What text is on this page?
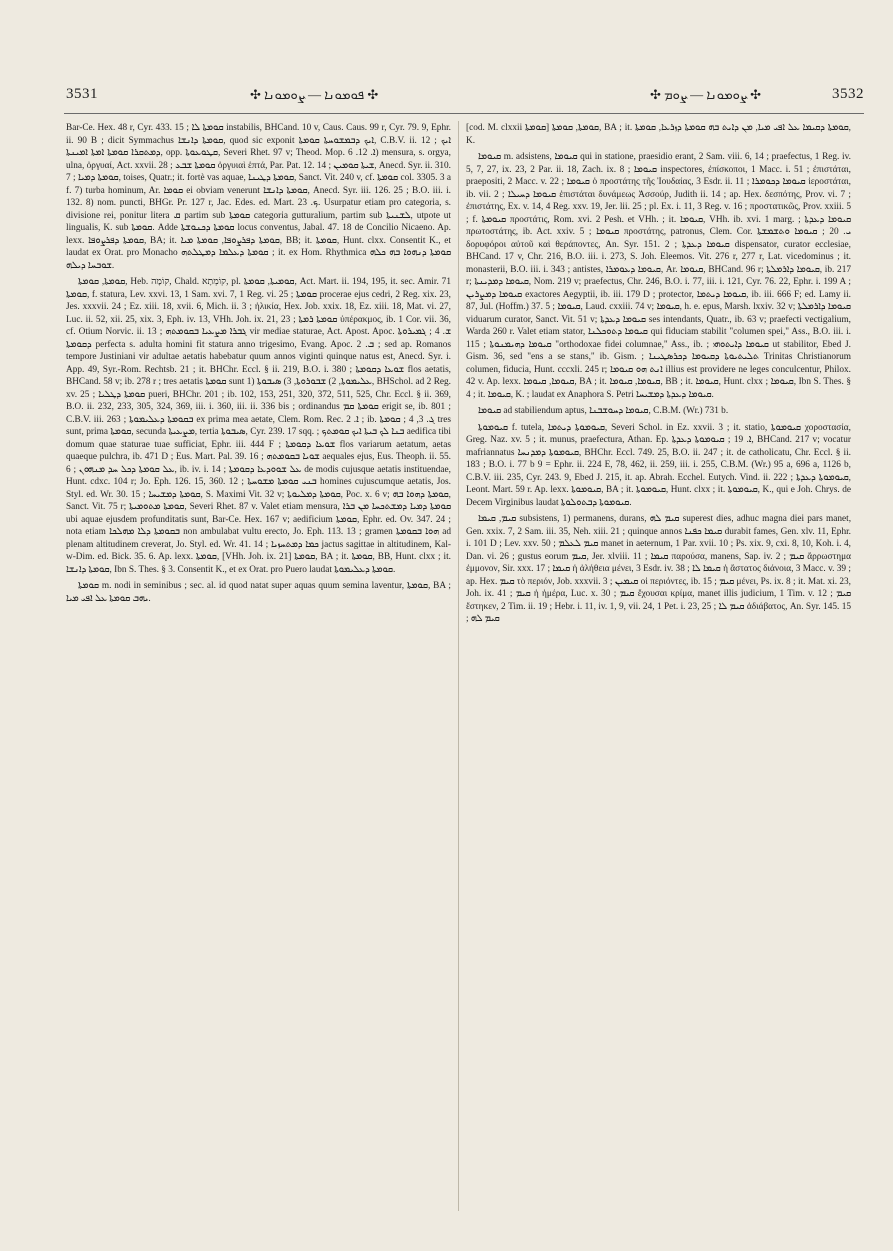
3531	✣ ܦܘܡܘܢܐ — ܨܘܡܘܢܐ ✣	✣ ܨܘܡܘܢܐ — ܨܘܡ ✣	3532

Bar-Ce. Hex. 48 r, Cyr. 433. 15 ; ܩܘܡܬܐ ܠܐ instabilis, BHCand. 10 v, Caus. Caus. 99 r, Cyr. 79. 9, Ephr. ii. 90 B ; dicit Symmachus ܩܘܡܬܐ ܕܐܢܫܐ, quod sic exponit ܐܝܟ ܕܒܡܫܘܚܬܐ ܩܘܡܬܐ, C.B.V. ii. 12 ; ܐܝܟ ܕܡܬܩܪܐ ܩܘܡܬܐ ܐܡܬܐ ܐܡܝܢܬܐ, opp. ܩܛܘܥܘܬܐ, Severi Rhet. 97 v; Theod. Mop. ܐ. 12. 6) mensura, s. orgya, ulna, ὀργυαί, Act. xxvii. 28 ; ܩܘܡܬܐ ܫܒܥ ὀργυιαὶ ἑπτά, Par. Pat. 12. 14 ; ܫܝܬܐ ܩܘܡܝܢ, Anecd. Syr. ii. 310. 7 ; ܩܘܡܬܐ ܕܡܝܐ, toises, Quatr.; it. fortè vas aquae, ܩܘܡܬܐ ܕܛܝܢܐ, Sanct. Vit. 240 v, cf. ܩܘܡܬܐ col. 3305. 3 a f. 7) turba hominum, Ar. ܩܘܡܐ ei obviam venerunt ܩܘܡܬܐ ܕܐܢܫܐ, Anecd. Syr. iii. 126. 25 ; B.O. iii. i. 132. 8) nom. puncti, BHGr. Pr. 127 r, Jac. Edes. ed. Mart. ܟ. 23. Usurpatur etiam pro categoria, s. divisione rei, ponitur litera ܩ partim sub ܩܘܡܬܐ categoria gutturalium, partim sub ܠܫܢܝܬܐ, utpote ut lingualis, K. sub ܩܘܡܬܐ. Adde ܩܘܡܬܐ ܕܟܢܘܫܬܐ locus conventus, Jabal. 47. 18 de Concilio Nicaeno. Ap. lexx. ܩܘܡܬܐ ܕܦܪܨܘܦܐ, BA; it. ܩܘܡܬܐ ܕܦܪܨܘܦܐ, ܩܘܡܬܐ ܡܝܐ, BB; it. ܩܘܡܬܐ, Hunt. clxx. Consentit K., et laudat ex Orat. pro Monacho ܩܘܡܬܐ ܕܥܠܡܐ ܕܡܛܠܬܗ ; it. ex Hom. Rhythmica ܩܘܡܬܐ ܕܢܗܘܐ ܒܗ ܟܠܗ ܫܘܒܚܐ ܕܝܠܗ.

ܩܘܡܬܐ, ܩܘܡܬܐ, Heb. קוֹמָה, Chald. קוֹמְתָא, pl. ܩܘܡܝܬܐ, ܩܘܡܬܐ, Act. Mart. ii. 194, 195, it. sec. Amir. 71 ܩܘܡܬܐ, f. statura, Lev. xxvi. 13, 1 Sam. xvi. 7, 1 Reg. vi. 25 ; ܩܘܡܬܐ procerae ejus cedri, 2 Reg. xix. 23, Jes. xxxvii. 24 ; Ez. xiii. 18, xvii. 6, Mich. ii. 3 ; ἡλικία, Hex. Job. xxix. 18, Ez. xiii. 18, Mat. vi. 27, Luc. ii. 52, xii. 25, xix. 3, Eph. iv. 13, VHh. Joh. ix. 21, 23 ; ܩܘܡܬܐ ܪܡܬܐ ὑπέρακμος, ib. 1 Cor. vii. 36, cf. Otium Norvic. ii. 13 ; ܓܒܪܐ ܡܨܥܝܐ ܒܩܘܡܬܗ vir mediae staturae, Act. Apost. Apoc. ܫ. 4 ; ܓܡܝܪܘܬܐ ܕܩܘܡܬܐ perfecta s. adulta homini fit statura anno trigesimo, Evang. Apoc. ܒ. 2 ; sed ap. Romanos tempore Justiniani vir adultae aetatis habebatur quum annos viginti quinque natus est, Anecd. Syr. i. App. 49, Syr.-Rom. Rechtsb. 21 ; it. BHChr. Eccl. § ii. 219, B.O. i. 380 ; ܫܘܥܐ ܕܩܘܡܬܐ flos aetatis, BHCand. 58 v; ib. 278 r ; tres aetatis ܩܘܡܬܐ sunt 1) ܥܠܝܡܘܬܐ, 2) ܫܒܘܪܘܬܐ, 3) ܣܝܒܘܬܐ, BHSchol. ad 2 Reg. xv. 25 ; ܩܘܡܬܐ ܕܛܠܝܐ pueri, BHChr. 201 ; ib. 102, 153, 251, 320, 372, 511, 525, Chr. Eccl. § ii. 369, B.O. ii. 232, 233, 305, 324, 369, iii. i. 360, iii. ii. 336 bis ; ordinandus ܩܘܡܬܐ ܩܡ erigit se, ib. 801 ; C.B.V. iii. 263 ; ܒܩܘܡܬܐ ܕܥܠܝܡܘܬܐ ex prima mea aetate, Clem. Rom. Rec. ܐ. 2 ; ib. ܓ. 3, 4 ; ܩܘܡܬܐ tres sunt, prima ܩܘܡܬܐ, secunda ܡܨܥܝܬܐ, tertia ܣܝܒܘܬܐ, Cyr. 239. 17 sqq. ; ܒܢܐ ܠܟ ܒܝܬܐ ܐܝܟ ܩܘܡܬܟ aedifica tibi domum quae staturae tuae sufficiat, Ephr. iii. 444 F ; ܫܘܥܐ ܕܩܘܡܬܐ flos variarum aetatum, aetas quaeque pulchra, ib. 471 D ; Eus. Mart. Pal. 39. 16 ; ܫܘܝܐ ܒܩܘܡܬܗ aequales ejus, Eus. Theoph. ii. 55. 6 ; ܥܠ ܩܘܡܬܐ ܕܟܠ ܚܕ ܡܢܗܘܢ, ib. iv. i. 14 ; ܥܠ ܫܘܘܕܥܐ ܕܩܘܡܬܐ de modis cujusque aetatis instituendae, Hunt. cdxc. 104 r; Jo. Eph. 126. 15, 360. 12 ; ܒܢܝ ܩܘܡܬܐ ܡܫܘܚܬܐ homines cujuscumque aetatis, Jos. Styl. ed. Wr. 30. 15 ; ܩܘܡܬܐ ܕܡܫܝܚܐ, S. Maximi Vit. 32 v; ܩܘܡܬܐ ܕܡܠܝܘܬܐ, Poc. x. 6 v; ܩܘܡܬܐ ܕܗܘܐ ܒܗ, Sanct. Vit. 75 r; ܩܘܡܬܐ ܡܬܘܡܝܬܐ, Severi Rhet. 87 v. Valet etiam mensura, ܩܘܡܬܐ ܕܡܝܐ ܕܡܫܬܟܚܐ ܡܢ ܒܪܐ ubi aquae ejusdem profunditatis sunt, Bar-Ce. Hex. 167 v; aedificium ܩܘܡܬܐ, Ephr. ed. Ov. 347. 24 ; nota etiam ܒܩܘܡܬܐ ܕܠܐ ܡܗܠܟܐ non ambulabat vultu erecto, Jo. Eph. 113. 13 ; gramen ܗܘܐ ܒܩܘܡܬܐ ad plenam altitudinem creverat, Jo. Styl. ed. Wr. 41. 14 ; ܟܡܐ ܕܡܬܚܙܝܐ jactus sagittae in altitudinem, Kal-w-Dim. ed. Bick. 35. 6. Ap. lexx. ܩܘܡܬܐ, [VHh. Joh. ix. 21] ܩܘܡܬܐ, BA ; it. ܩܘܡܬܐ, BB, Hunt. clxx ; it. ܩܘܡܬܐ ܕܐܢܫܐ, Ibn S. Thes. § 3. Consentit K., et ex Orat. pro Puero laudat ܩܘܡܬܐ ܕܥܠܝܡܘܬܐ.

ܩܘܡܬܐ m. nodi in seminibus ; sec. al. id quod natat super aquas quum semina laventur, ܩܘܡܬܐ, BA ; ܝܗܒ ܩܘܡܬܐ ܥܠ ܐܦܝ ܡܝܐ.

[cod. M. clxxii ܩܘܡܬܐ] ܩܘܡܬܐ, ܩܘܡܬܐ, BA ; it. ܩܘܡܬܐ ܕܩܝܡܐ ܥܠ ܐܦܝ ܡܝܐ, ܡܢ ܕܐܝܬ ܒܗ ܩܘܡܬܐ ܕܙܪܥܐ, ܩܘܡܬܐ, K.

ܩܝܘܡܐ m. adsistens, ܩܝܘܡܐ qui in statione, praesidio erant, 2 Sam. viii. 6, 14 ; praefectus, 1 Reg. iv. 5, 7, 27, ix. 23, 2 Par. ii. 18, Zach. ix. 8 ; ܩܝܘܡܐ inspectores, ἐπίσκοποι, 1 Macc. i. 51 ; ἐπιστάται, praepositi, 2 Macc. v. 22 ; ܩܝܘܡܐ ὁ προστάτης τῆς Ἰουδαίας, 3 Esdr. ii. 11 ; ܩܝܘܡܐ ܕܟܘܡܪܐ ἱεροστάται, ib. vii. 2 ; ܩܝܘܡܐ ܕܚܝܠܐ ἐπιστάται δυνάμεως Ἀσσούρ, Judith ii. 14 ; ap. Hex. δεσπότης, Prov. vi. 7 ; ἐπιστάτης, Ex. v. 14, 4 Reg. xxv. 19, Jer. lii. 25 ; pl. Ex. i. 11, 3 Reg. v. 16 ; προστατικῶς, Prov. xxiii. 5 ; f. ܩܝܘܡܬܐ προστάτις, Rom. xvi. 2 Pesh. et VHh. ; it. ܩܝܘܡܐ, VHh. ib. xvi. 1 marg. ; ܩܝܘܡܐ ܕܥܕܬܐ πρωτοστάτης, ib. Act. xxiv. 5 ; ܩܝܘܡܐ προστάτης, patronus, Clem. Cor. ܝ. 20 ; ܩܝܘܡܐ ܘܬܫܡܫܬܐ δορυφόροι αὐτοῦ καὶ θεράποντες, An. Syr. 151. 2 ; ܩܝܘܡܐ ܕܥܕܬܐ dispensator, curator ecclesiae, BHCand. 17 v, Chr. 216, B.O. iii. i. 273, S. Joh. Eleemos. Vit. 276 r, 277 r, Lat. vicedominus ; it. monasterii, B.O. iii. i. 343 ; antistes, ܩܝܘܡܐ ܕܥܘܡܪܐ, Ar. ܩܝܘܡܐ, BHCand. 96 r; ܩܝܘܡܐ ܕܐܪܡܠܬܐ, ib. 217 r; ܩܝܘܡܐ ܕܡܕܝܢܬܐ, Nom. 219 v; praefectus, Chr. 246, B.O. i. 77, iii. i. 121, Cyr. 76. 22, Ephr. i. 199 A ; ܩܝܘܡܐ ܕܡܨܪܝܢ exactores Aegyptii, ib. iii. 179 D ; protector, ܩܝܘܡܐ ܕܝܬܡܐ, ib. iii. 666 F; ed. Lamy ii. 87, Jul. (Hoffm.) 37. 5 ; ܩܝܘܡܐ, Laud. cxxiii. 74 v; ܩܝܘܡܐ, h. e. epus, Marsh. lxxiv. 32 v; ܩܝܘܡܐ ܕܐܪܡܠܬܐ viduarum curator, Sanct. Vit. 51 v; ܩܝܘܡܐ ܕܥܕܬܐ ses intendants, Quatr., ib. 63 v; praefecti vectigalium, Warda 260 r. Valet etiam stator, ܩܝܘܡܐ ܕܬܘܟܠܢܐ qui fiduciam stabilit "columen spei," Ass., B.O. iii. i. 115 ; ܩܝܘܡܐ ܕܗܝܡܢܘܬܐ "orthodoxae fidei columnae," Ass., ib. ; ܩܝܘܡܐ ܕܐܝܬܘܗܝ ut stabilitor, Ebed J. Gism. 36, sed "ens a se stans," ib. Gism. ; ܬܠܝܬܝܘܬܐ ܕܩܝܘܡܐ ܕܟܪܣܛܝܢܐ Trinitas Christianorum columen, fiducia, Hunt. cccxli. 245 r; ܐܢܬ ܗܘ ܩܝܘܡܐ illius est providere ne leges conculcentur, Philox. 42 v. Ap. lexx. ܩܝܘܡܐ, ܩܝܘܡܐ, BA ; it. ܩܝܘܡܐ, ܩܝܘܡܐ, BB ; it. ܩܝܘܡܐ, Hunt. clxx ; ܩܝܘܡܐ, Ibn S. Thes. § 4 ; it. ܩܝܘܡܐ, K. ; laudat ex Anaphora S. Petri ܩܝܘܡܐ ܕܥܕܬܐ ܕܡܫܝܚܐ.

ܩܝܘܡܐ ad stabiliendum aptus, ܩܝܘܡܐ ܕܚܘܫܒܢܐ, C.B.M. (Wr.) 731 b.

ܩܝܘܡܘܬܐ f. tutela, ܩܝܘܡܘܬܐ ܕܝܬܡܐ, Severi Schol. in Ez. xxvii. 3 ; it. statio, ܩܝܘܡܘܬܐ χοροστασία, Greg. Naz. xv. 5 ; it. munus, praefectura, Athan. Ep. ܐ. 19 ; ܩܝܘܡܘܬܐ ܕܥܕܬܐ, BHCand. 217 v; vocatur mafriannatus ܩܝܘܡܘܬܐ ܕܡܕܢܚܐ, BHChr. Eccl. 749. 25, B.O. ii. 247 ; it. de catholicatu, Chr. Eccl. § ii. 183 ; B.O. i. 77 b 9 = Ephr. ii. 224 E, 78, 462, ii. 259, iii. i. 255, C.B.M. (Wr.) 95 a, 696 a, 1126 b, C.B.V. iii. 235, Cyr. 243. 9, Ebed J. 215, it. ap. Abrah. Ecchel. Eutych. Vind. ii. 222 ; ܩܝܘܡܘܬܐ ܕܥܕܬܐ, Leont. Mart. 59 r. Ap. lexx. ܩܝܘܡܘܬܐ, BA ; it. ܩܝܘܡܘܬܐ, Hunt. clxx ; it. ܩܝܘܡܘܬܐ, K., qui e Joh. Chrys. de Decem Virginibus laudat ܩܝܘܡܘܬܐ ܕܒܬܘܠܘܬܐ.

ܩܝܡ, ܩܝܡܐ subsistens, 1) permanens, durans, ܩܝܡ ܠܗ superest dies, adhuc magna diei pars manet, Gen. xxix. 7, 2 Sam. iii. 35, Neh. xiii. 21 ; quinque annos ܩܝܡܐ ܟܦܢܐ durabit fames, Gen. xlv. 11, Ephr. i. 101 D ; Lev. xxv. 50 ; ܩܝܡ ܠܥܠܡ manet in aeternum, 1 Par. xvii. 10 ; Ps. xix. 9, cxi. 8, 10, Koh. i. 4, Dan. vi. 26 ; gustus eorum ܩܝܡ, Jer. xlviii. 11 ; ܩܝܡܐ παρούσα, manens, Sap. iv. 2 ; ܩܝܡ ἄρρωστημα ἐμμονον, Sir. xxx. 17 ; ܩܝܡܐ ἡ ἀλήθεια μένει, 3 Esdr. iv. 38 ; ܩܝܡܐ ܠܐ ἡ ἄστατος διάνοια, 3 Macc. v. 39 ; ap. Hex. ܩܝܡ τὸ περιόν, Job. xxxvii. 3 ; ܩܝܡܝܢ οἱ περιόντες, ib. 15 ; ܩܝܡ μένει, Ps. ix. 8 ; it. Mat. xi. 23, Joh. ix. 41 ; ܩܝܡ ἡ ἡμέρα, Luc. x. 30 ; ܩܝܡ ἔχουσαι κρίμα, manet illis judicium, 1 Tim. v. 12 ; ܩܝܡ ἔστηκεν, 2 Tim. ii. 19 ; Hebr. i. 11, iv. 1, 9, vii. 24, 1 Pet. i. 23, 25 ; ܩܝܡ ܠܐ ἀδιάβατος, An. Syr. 145. 15 ; ܩܝܡ ܠܗ
